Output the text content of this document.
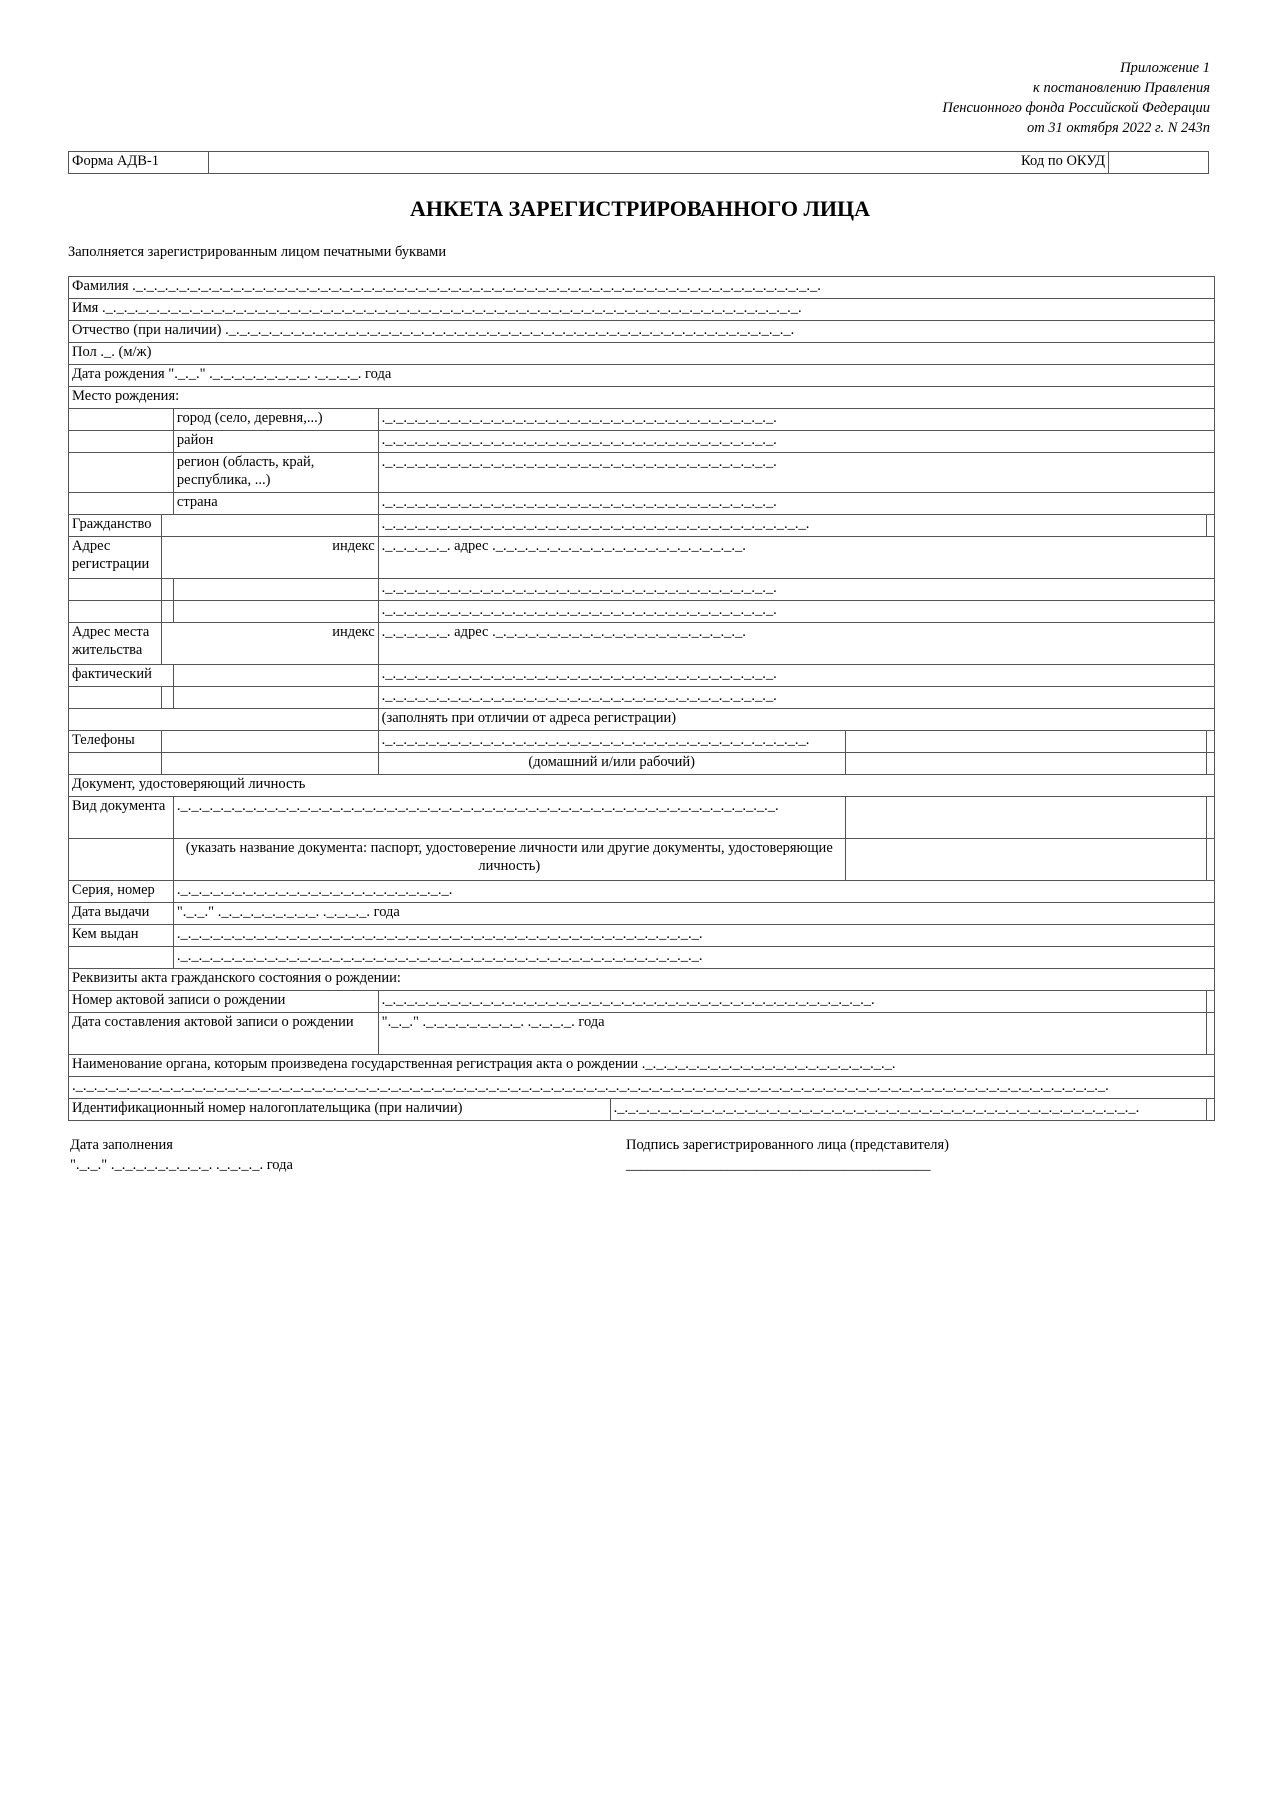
Приложение 1
к постановлению Правления
Пенсионного фонда Российской Федерации
от 31 октября 2022 г. N 243п
Форма АДВ-1	Код по ОКУД	
АНКЕТА ЗАРЕГИСТРИРОВАННОГО ЛИЦА
Заполняется зарегистрированным лицом печатными буквами
Фамилия ._._._._._._._._._._._._._._._._._._._._._._._._._._._._._._._._._._._._._._._._._._._._._._._._._._._._._._._._._._._._._._._.						
Имя ._._._._._._._._._._._._._._._._._._._._._._._._._._._._._._._._._._._._._._._._._._._._._._._._._._._._._._._._._._._._._._._._.						
Отчество (при наличии) ._._._._._._._._._._._._._._._._._._._._._._._._._._._._._._._._._._._._._._._._._._._._._._._._._._._._.						
Пол ._. (м/ж)						
Дата рождения "._._." ._._._._._._._._._. ._._._._. года						
Место рождения:						
		город (село, деревня,...)	._._._._._._._._._._._._._._._._._._._._._._._._._._._._._._._._._._._._.			
		район	._._._._._._._._._._._._._._._._._._._._._._._._._._._._._._._._._._._._.			
		регион (область, край, республика, ...)	._._._._._._._._._._._._._._._._._._._._._._._._._._._._._._._._._._._._.			
		страна	._._._._._._._._._._._._._._._._._._._._._._._._._._._._._._._._._._._._.			
Гражданство			._._._._._._._._._._._._._._._._._._._._._._._._._._._._._._._._._._._._._._._.			
Адрес регистрации	индекс		._._._._._._. адрес ._._._._._._._._._._._._._._._._._._._._._._._.			
			._._._._._._._._._._._._._._._._._._._._._._._._._._._._._._._._._._._._.			
			._._._._._._._._._._._._._._._._._._._._._._._._._._._._._._._._._._._._.			
Адрес места жительства	индекс		._._._._._._. адрес ._._._._._._._._._._._._._._._._._._._._._._._.			
фактический			._._._._._._._._._._._._._._._._._._._._._._._._._._._._._._._._._._._._.			
			._._._._._._._._._._._._._._._._._._._._._._._._._._._._._._._._._._._._.			
			(заполнять при отличии от адреса регистрации)			
Телефоны			._._._._._._._._._._._._._._._._._._._._._._._._._._._._._._._._._._._._._._._.			
			(домашний и/или рабочий)			
Документ, удостоверяющий личность						
Вид документа		._._._._._._._._._._._._._._._._._._._._._._._._._._._._._._._._._._._._._._._._._._._._._._._._._._._._._._._.				
		(указать название документа: паспорт, удостоверение личности или другие документы, удостоверяющие личность)				
Серия, номер		._._._._._._._._._._._._._._._._._._._._._._._._._.				
Дата выдачи		"._._." ._._._._._._._._._. ._._._._. года				
Кем выдан		._._._._._._._._._._._._._._._._._._._._._._._._._._._._._._._._._._._._._._._._._._._._._._._._.				
		._._._._._._._._._._._._._._._._._._._._._._._._._._._._._._._._._._._._._._._._._._._._._._._._.				
Реквизиты акта гражданского состояния о рождении:						
Номер актовой записи о рождении			._._._._._._._._._._._._._._._._._._._._._._._._._._._._._._._._._._._._._._._._._._._._._.			
Дата составления актовой записи о рождении			"._._." ._._._._._._._._._. ._._._._. года			
Наименование органа, которым произведена государственная регистрация акта о рождении ._._._._._._._._._._._._._._._._._._._._._._._.						
._._._._._._._._._._._._._._._._._._._._._._._._._._._._._._._._._._._._._._._._._._._._._._._._._._._._._._._._._._._._._._._._._._._._._._._._._._._._._._._._._._._._._._._._._._._._._._._.						
Идентификационный номер налогоплательщика (при наличии)				._._._._._._._._._._._._._._._._._._._._._._._._._._._._._._._._._._._._._._._._._._._._._._._._.		
Дата заполнения
"._._." ._._._._._._._._._. ._._._._. года
Подпись зарегистрированного лица (представителя)
__________________________________________
